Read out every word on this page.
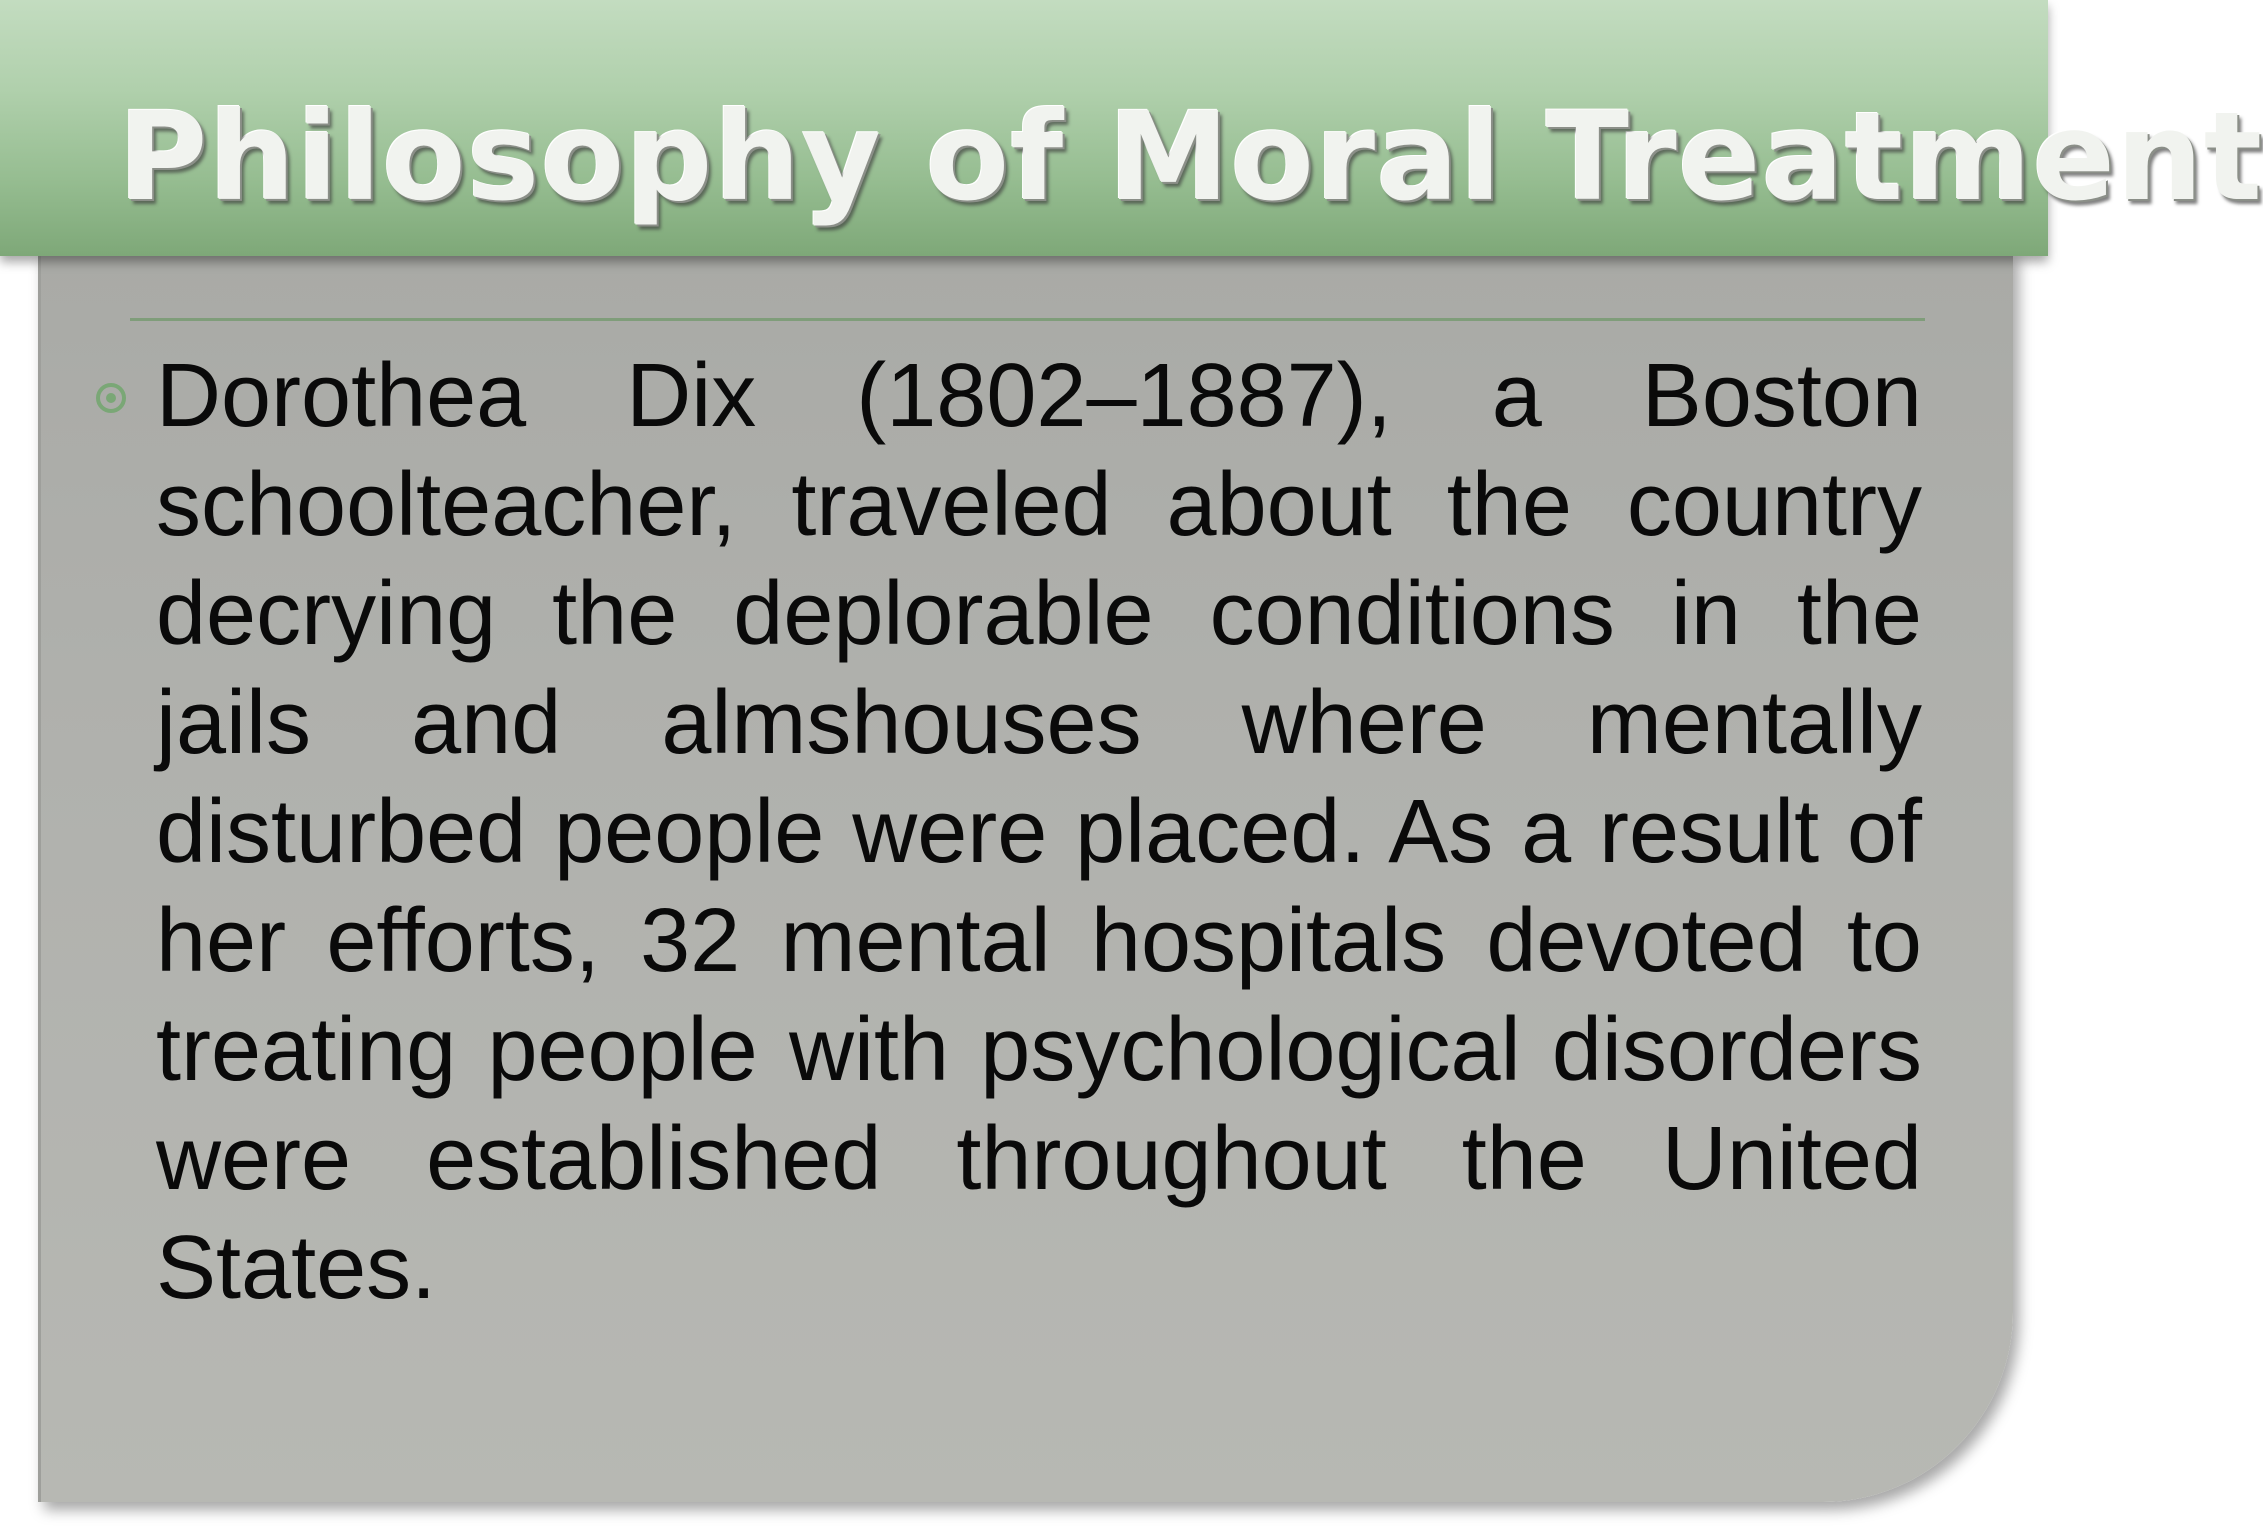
Philosophy of Moral Treatment

Dorothea Dix (1802–1887), a Boston schoolteacher, traveled about the country decrying the deplorable conditions in the jails and almshouses where mentally disturbed people were placed. As a result of her efforts, 32 mental hospitals devoted to treating people with psychological disorders were established throughout the United States.
